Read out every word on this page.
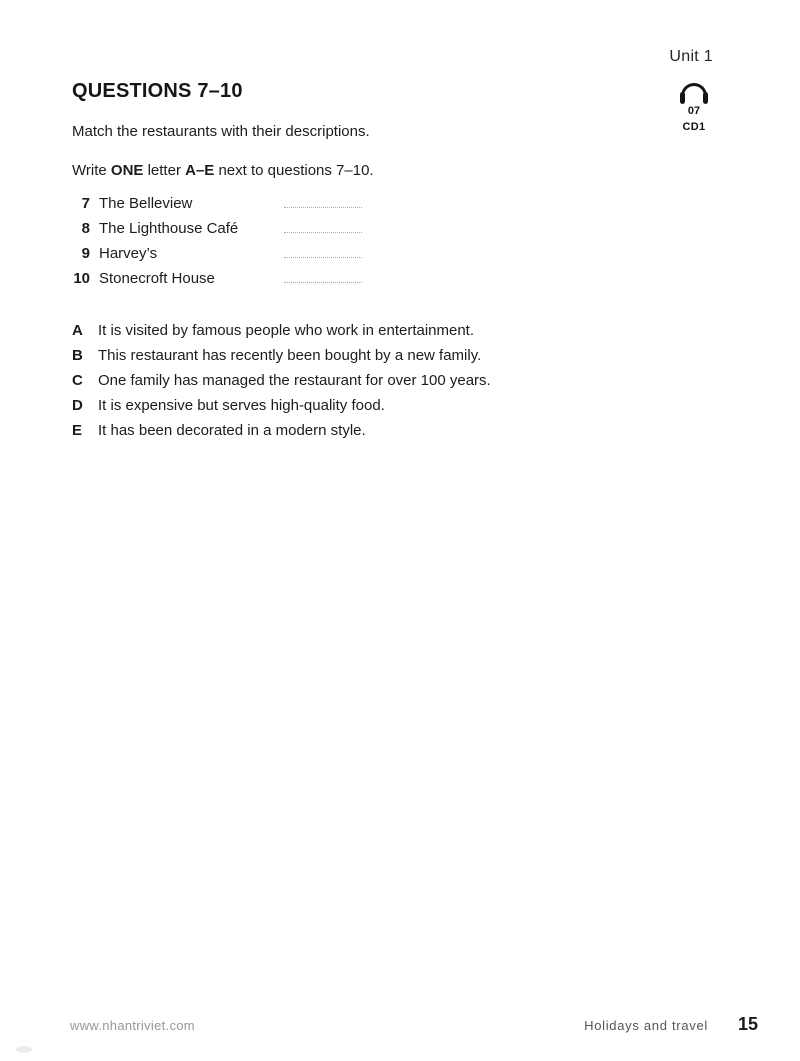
Unit 1
07
CD1
QUESTIONS 7–10

Match the restaurants with their descriptions.

Write ONE letter A–E next to questions 7–10.

7 The Belleview
8 The Lighthouse Café
9 Harvey’s
10 Stonecroft House
A It is visited by famous people who work in entertainment.
B This restaurant has recently been bought by a new family.
C One family has managed the restaurant for over 100 years.
D It is expensive but serves high-quality food.
E It has been decorated in a modern style.
www.nhantriviet.com	Holidays and travel 15
